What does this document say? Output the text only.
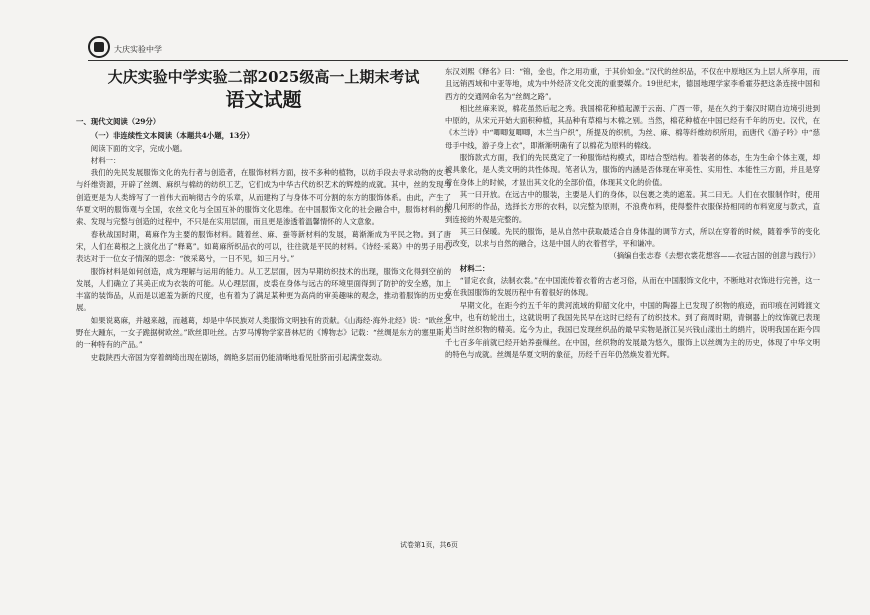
大庆实验中学
大庆实验中学实验二部2025级高一上期末考试
语文试题
一、现代文阅读（29分）
（一）非连续性文本阅读（本题共4小题，13分）
阅读下面的文字，完成小题。
材料一：

我们的先民发展服饰文化的先行者与创造者，在服饰材料方面，按不多种的植物，以纺手段去寻求动物的皮毛与纤维资源，开辟了丝绸、麻织与棉纺的纺织工艺，它们成为中华古代纺织艺术的辉煌的成就。其中，丝的发现与创造更是为人类缔写了一首伟大而响彻古今的乐章，从而建构了与身体不可分割的东方的服饰体系。由此，产生了华夏文明的服饰观与全国，农丝文化与全国互补的服饰文化思维。在中国服饰文化的社会融合中，服饰材料的探索、发现与完整与创造的过程中，不只是在实用层面，而且更是渗透着温馨情怀的人文意象。

春秋战国时期，葛麻作为主要的服饰材料。随着丝、麻、蚕等新材料的发展，葛渐渐成为平民之物。到了唐宋，人们在葛根之上演化出了“释葛”。如葛麻所织品衣的可以，往往就是平民的材料。《诗经·采葛》中的男子用心表达对于一位女子情深的思念：“彼采葛兮，一日不见，如三月兮。”

服饰材料是如何创造，成为理解与运用的能力。从工艺层面，因为早期纺织技术的出现，服饰文化得到空前的发展，人们确立了其美正成为衣装的可能。从心理层面，皮裘在身体与远古的环境里面得到了防护的安全感，加上丰富的装饰品，从而是以遮羞为新的尺度，也有着为了满足某种更为高尚的审美趣味的观念，推动着服饰的历史发展。

如果说葛麻，并越来越，而越葛，却是中华民族对人类服饰文明独有的贡献。《山海经·海外北经》说：“欧丝之野在大踵东，一女子跪据树欧丝。”欧丝即吐丝。古罗马博物学家普林尼的《博物志》记载：“丝绸是东方的塞里斯人的一种特有的产品。”

史载陕西大帝国为穿着绸绮出现在剧场，绸艳多层而仍能清晰地看见肚脐而引起满堂轰动。

东汉刘熙《释名》曰：“锦，金也，作之用功重，于其价如金。”汉代的丝织品，不仅在中原地区为上层人所享用，而且远销西域和中亚等地，成为中外经济文化交流的重要媒介。19世纪末，德国地理学家李希霍芬把这条连接中国和西方的交通网命名为“丝绸之路”。

相比丝麻来说，棉花虽然后起之秀。我国棉花种植起源于云南、广西一带，是在久约于秦汉时期自边境引进到中原的，从宋元开始大面积种植，其品种有草棉与木棉之别。当然，棉花种植在中国已经有千年的历史。汉代，在《木兰诗》中“唧唧复唧唧，木兰当户织”，所提及的织机，为丝、麻、棉等纤维纺织所用，而唐代《游子吟》中“慈母手中线，游子身上衣”，即渐渐明确有了以棉花为原料的棉线。

服饰款式方面，我们的先民奠定了一种服饰结构模式，即结合型结构。着装者的体态，生为生命个体主观，却被具象化，是人类文明的共性体现。笔者认为，服饰的内涵是否体现在审美性、实用性、本能性三方面，并且是穿着在身体上的时候，才显出其文化的全部价值，体现其文化的价值。

其一曰开放。在远古中的服装，主要是人们的身体，以包裹之类的遮羞。其二曰无。人们在衣服制作时，使用的几何形的作品，选择长方形的衣料，以完整为原则，不浪费布料，使得整件衣服保持相同的布料宽度与款式，直到连接的外观是完整的。

其三曰保暖。先民的服饰，是从自然中获取最适合自身体温的调节方式，所以在穿着的时候，随着季节的变化而改变，以求与自然的融合，这是中国人的衣着哲学，平和谦冲。

（摘编自张志春《去想衣裳花想容——衣冠古国的创意与践行》）

材料二：

“冒定衣食，法制衣裳。”在中国流传着衣着的古老习俗，从而在中国服饰文化中，不断地对衣饰进行完善，这一点在我国服饰的发展历程中有着很好的体现。

早期文化，在距今约五千年的黄河流域的仰韶文化中，中国的陶器上已发现了织物的痕迹，而印痕在河姆渡文化中，也有纺轮出土，这就说明了我国先民早在这时已经有了纺织技术。到了商周时期，青铜器上的纹饰就已表现出当时丝织物的精美。迄今为止，我国已发现丝织品的最早实物是浙江吴兴钱山漾出土的绢片，说明我国在距今四千七百多年前就已经开始养蚕缫丝。在中国，丝织物的发展最为悠久，服饰上以丝绸为主的历史，体现了中华文明的特色与成就。丝绸是华夏文明的象征，历经千百年仍然焕发着光辉。

试卷第1页，共6页
